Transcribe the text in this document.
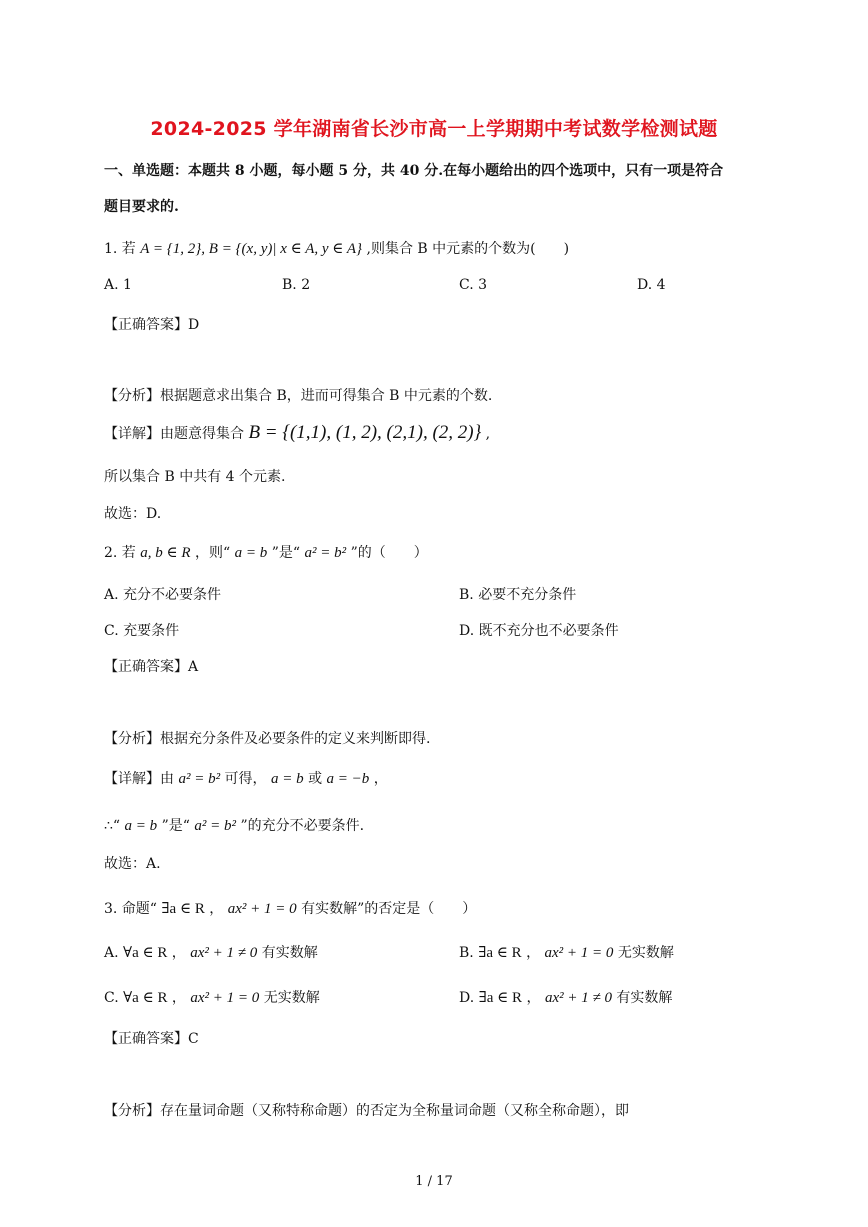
2024-2025 学年湖南省长沙市高一上学期期中考试数学检测试题
一、单选题：本题共 8 小题，每小题 5 分，共 40 分.在每小题给出的四个选项中，只有一项是符合
题目要求的.
1. 若 A = {1, 2}, B = {(x, y)| x ∈ A, y ∈ A} ,则集合 B 中元素的个数为(　　)
A. 1	B. 2	C. 3	D. 4
【正确答案】D
【分析】根据题意求出集合 B，进而可得集合 B 中元素的个数.
【详解】由题意得集合 B = {(1,1), (1, 2), (2,1), (2, 2)} ,
所以集合 B 中共有 4 个元素.
故选：D.
2. 若 a, b ∈ R ，则“ a = b ”是“ a² = b² ”的（　　）
A. 充分不必要条件	B. 必要不充分条件
C. 充要条件	D. 既不充分也不必要条件
【正确答案】A
【分析】根据充分条件及必要条件的定义来判断即得.
【详解】由 a² = b² 可得， a = b 或 a = −b ，
∴“ a = b ”是“ a² = b² ”的充分不必要条件.
故选：A.
3. 命题“ ∃a ∈ R ， ax² + 1 = 0 有实数解”的否定是（　　）
A. ∀a ∈ R ， ax² + 1 ≠ 0 有实数解	B. ∃a ∈ R ， ax² + 1 = 0 无实数解
C. ∀a ∈ R ， ax² + 1 = 0 无实数解	D. ∃a ∈ R ， ax² + 1 ≠ 0 有实数解
【正确答案】C
【分析】存在量词命题（又称特称命题）的否定为全称量词命题（又称全称命题），即
1 / 17
